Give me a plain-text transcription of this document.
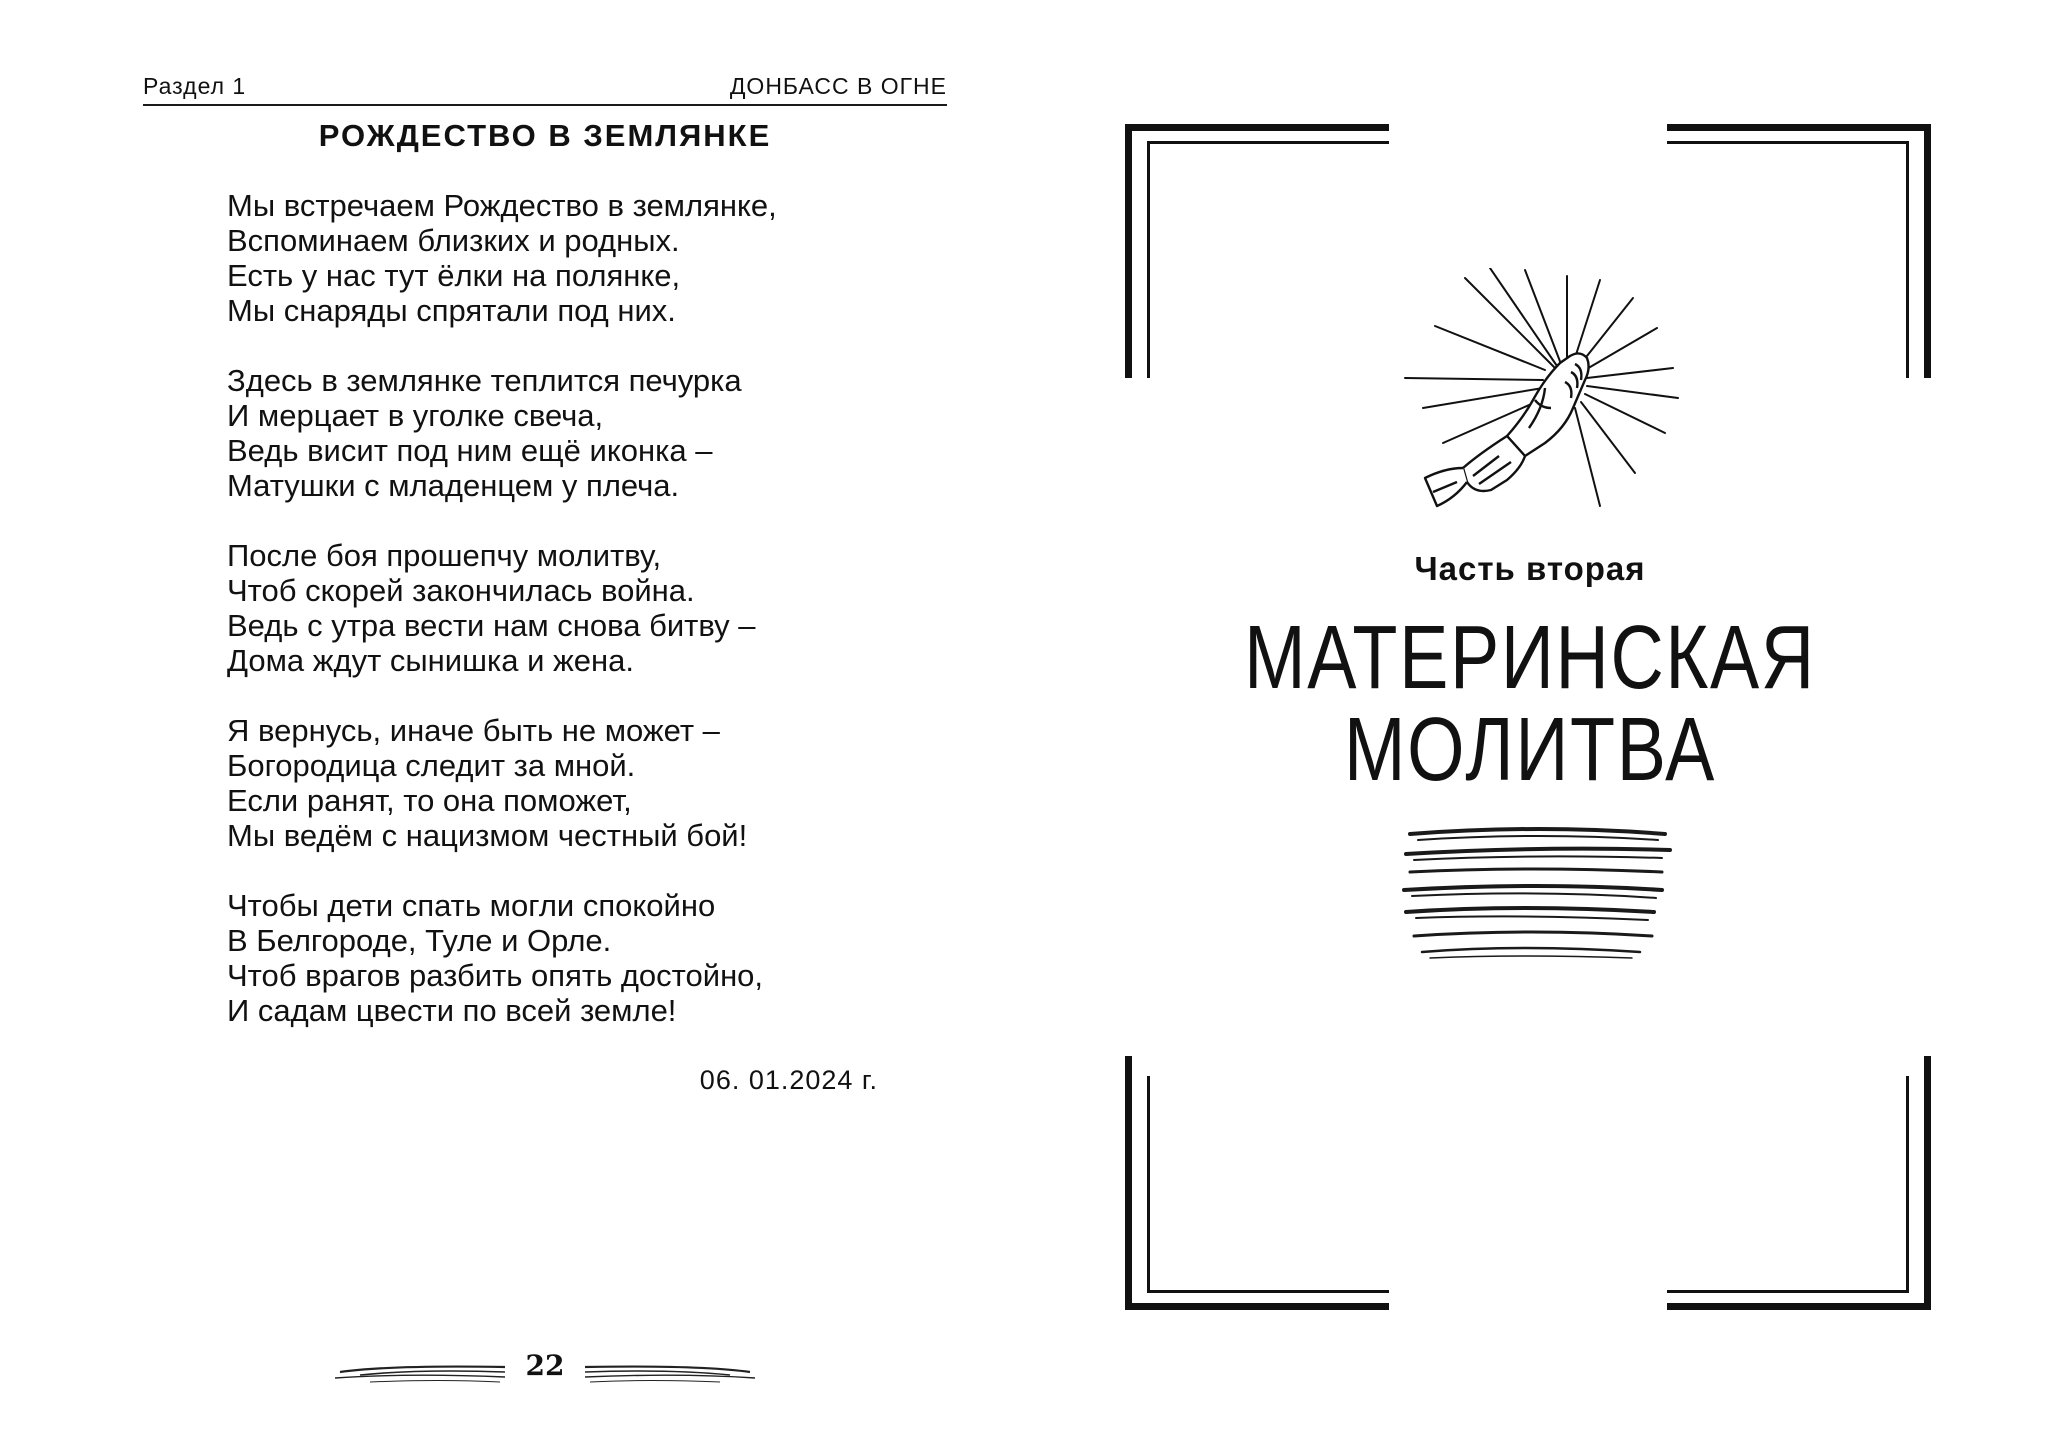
Раздел 1	ДОНБАСС В ОГНЕ
РОЖДЕСТВО В ЗЕМЛЯНКЕ
Мы встречаем Рождество в землянке,
Вспоминаем близких и родных.
Есть у нас тут ёлки на полянке,
Мы снаряды спрятали под них.
Здесь в землянке теплится печурка
И мерцает в уголке свеча,
Ведь висит под ним ещё иконка –
Матушки с младенцем у плеча.
После боя прошепчу молитву,
Чтоб скорей закончилась война.
Ведь с утра вести нам снова битву –
Дома ждут сынишка и жена.
Я вернусь, иначе быть не может –
Богородица следит за мной.
Если ранят, то она поможет,
Мы ведём с нацизмом честный бой!
Чтобы дети спать могли спокойно
В Белгороде, Туле и Орле.
Чтоб врагов разбить опять достойно,
И садам цвести по всей земле!
06. 01.2024 г.
22
Часть вторая
МАТЕРИНСКАЯ
МОЛИТВА
